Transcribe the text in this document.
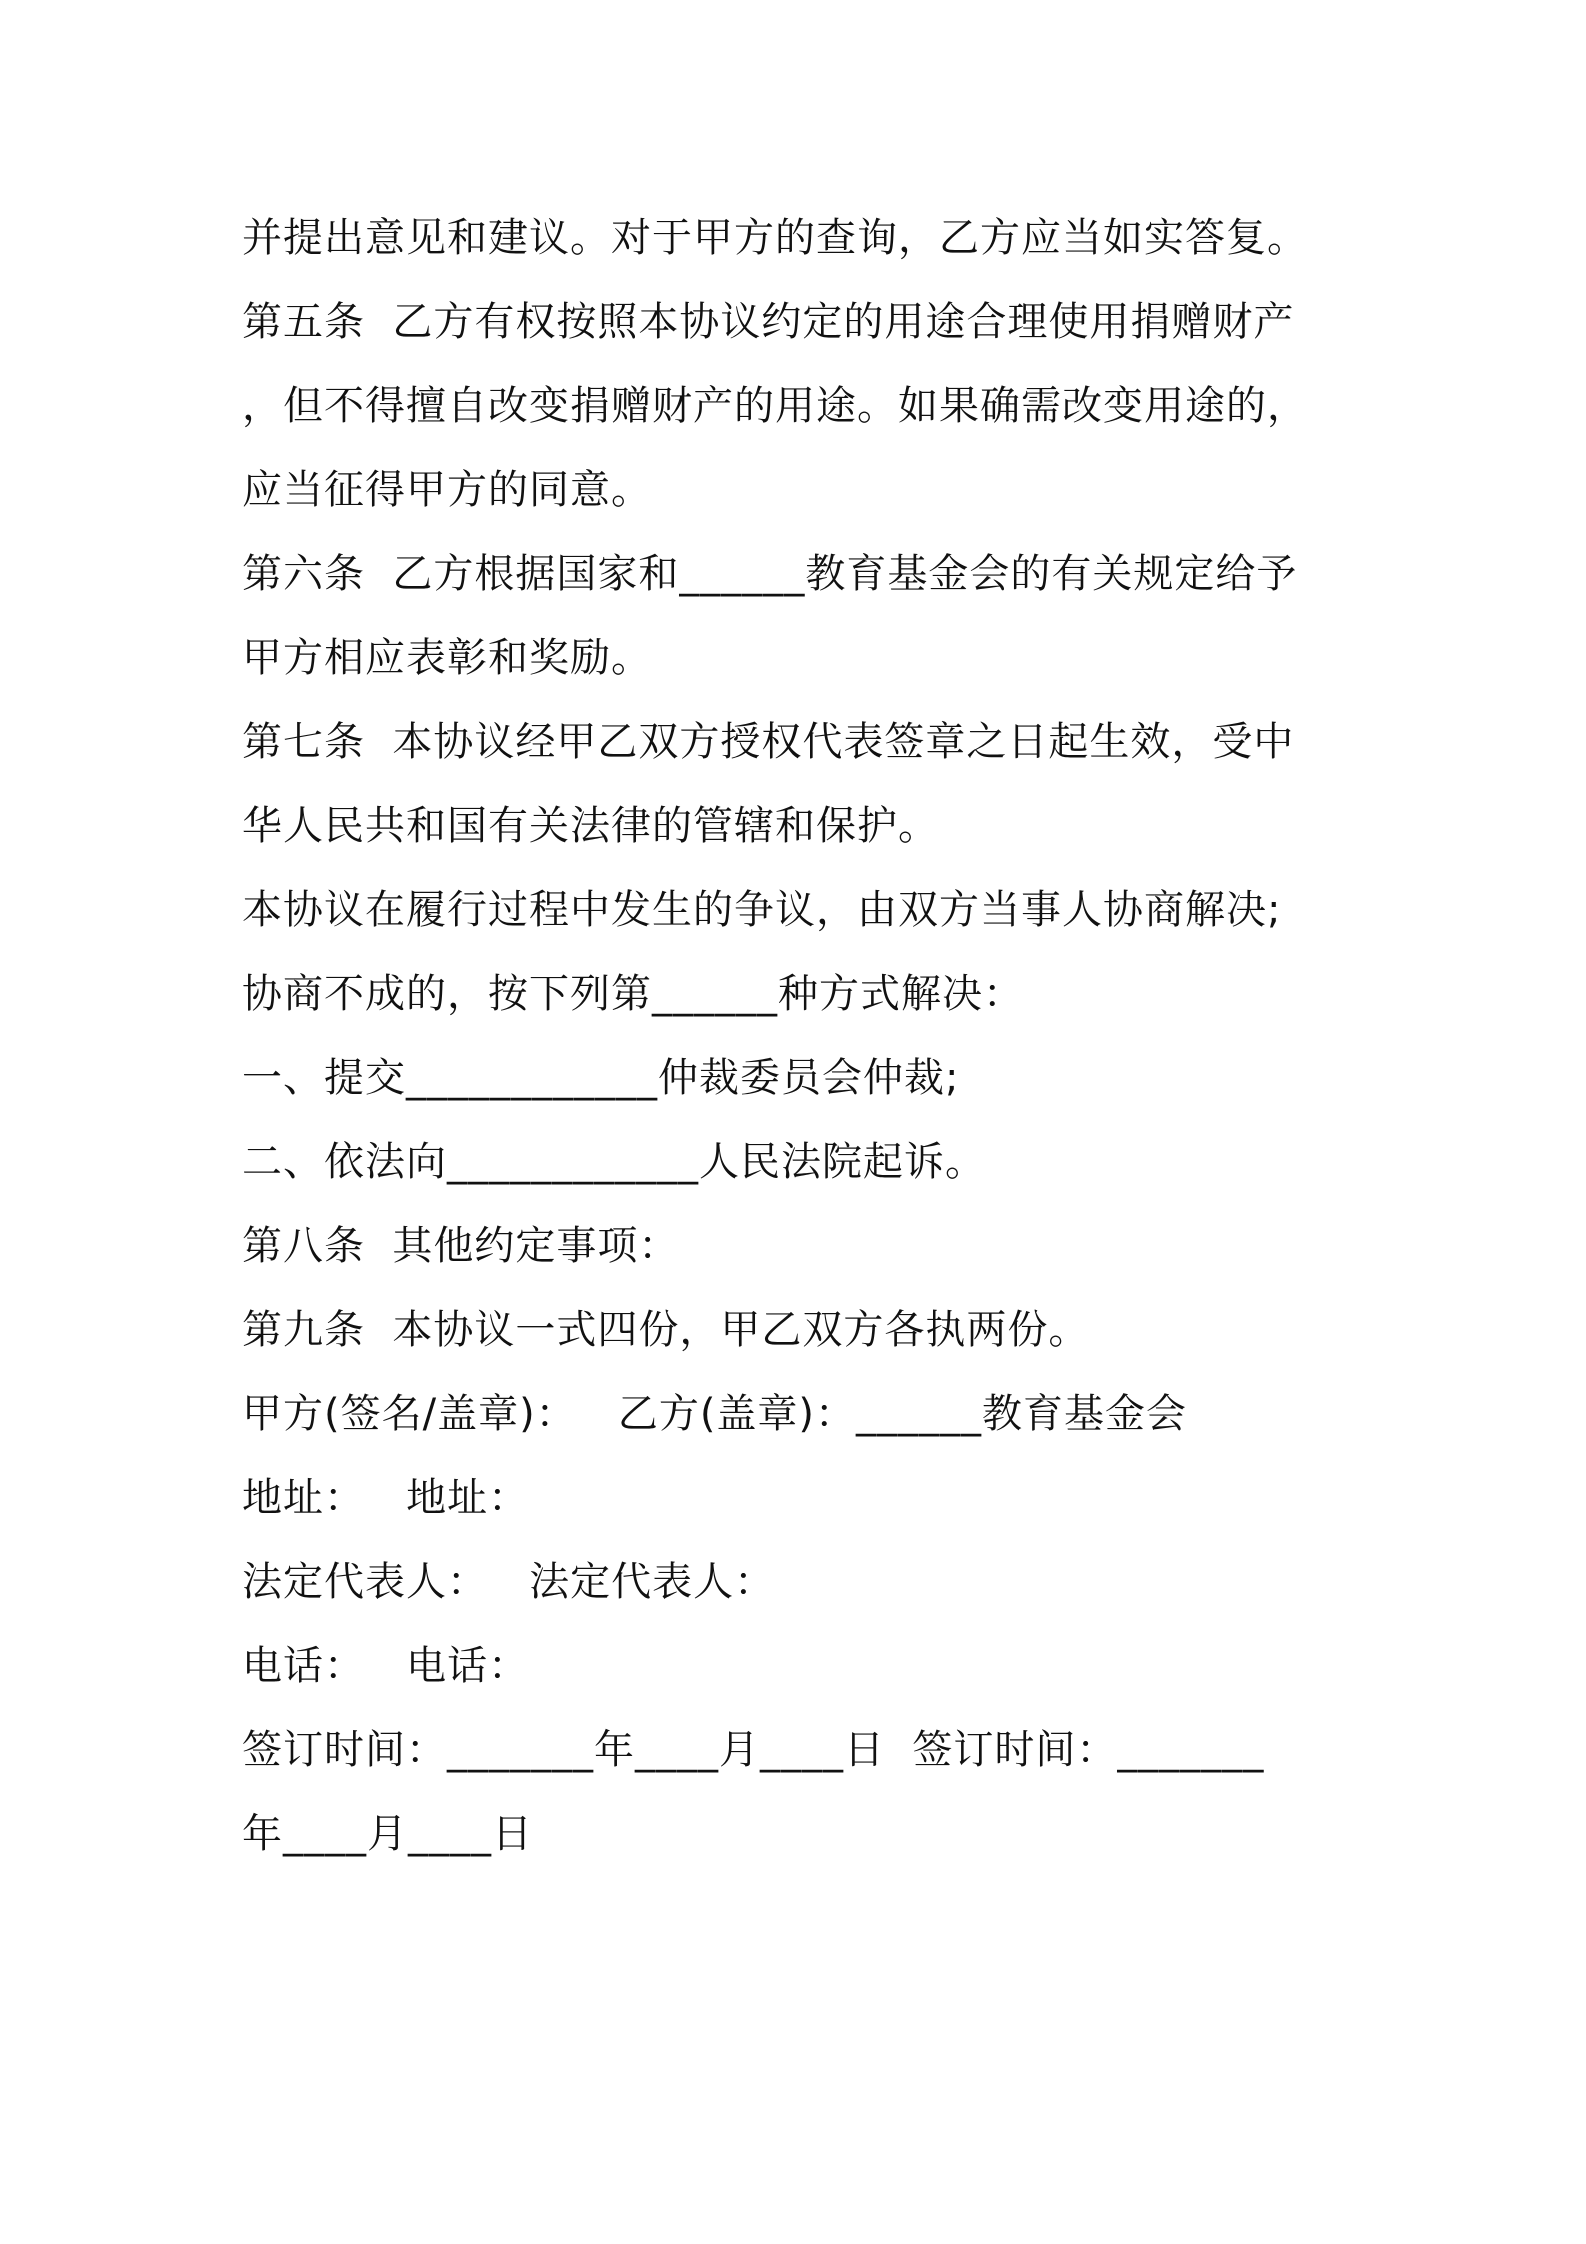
并提出意见和建议。对于甲方的查询，乙方应当如实答复。
第五条  乙方有权按照本协议约定的用途合理使用捐赠财产
，但不得擅自改变捐赠财产的用途。如果确需改变用途的，
应当征得甲方的同意。
第六条  乙方根据国家和______教育基金会的有关规定给予
甲方相应表彰和奖励。
第七条  本协议经甲乙双方授权代表签章之日起生效，受中
华人民共和国有关法律的管辖和保护。
本协议在履行过程中发生的争议，由双方当事人协商解决;
协商不成的，按下列第______种方式解决：
一、提交____________仲裁委员会仲裁;
二、依法向____________人民法院起诉。
第八条  其他约定事项：
第九条  本协议一式四份，甲乙双方各执两份。
甲方(签名/盖章)：   乙方(盖章)：______教育基金会
地址：   地址：
法定代表人：   法定代表人：
电话：   电话：
签订时间：_______年____月____日  签订时间：_______
年____月____日
